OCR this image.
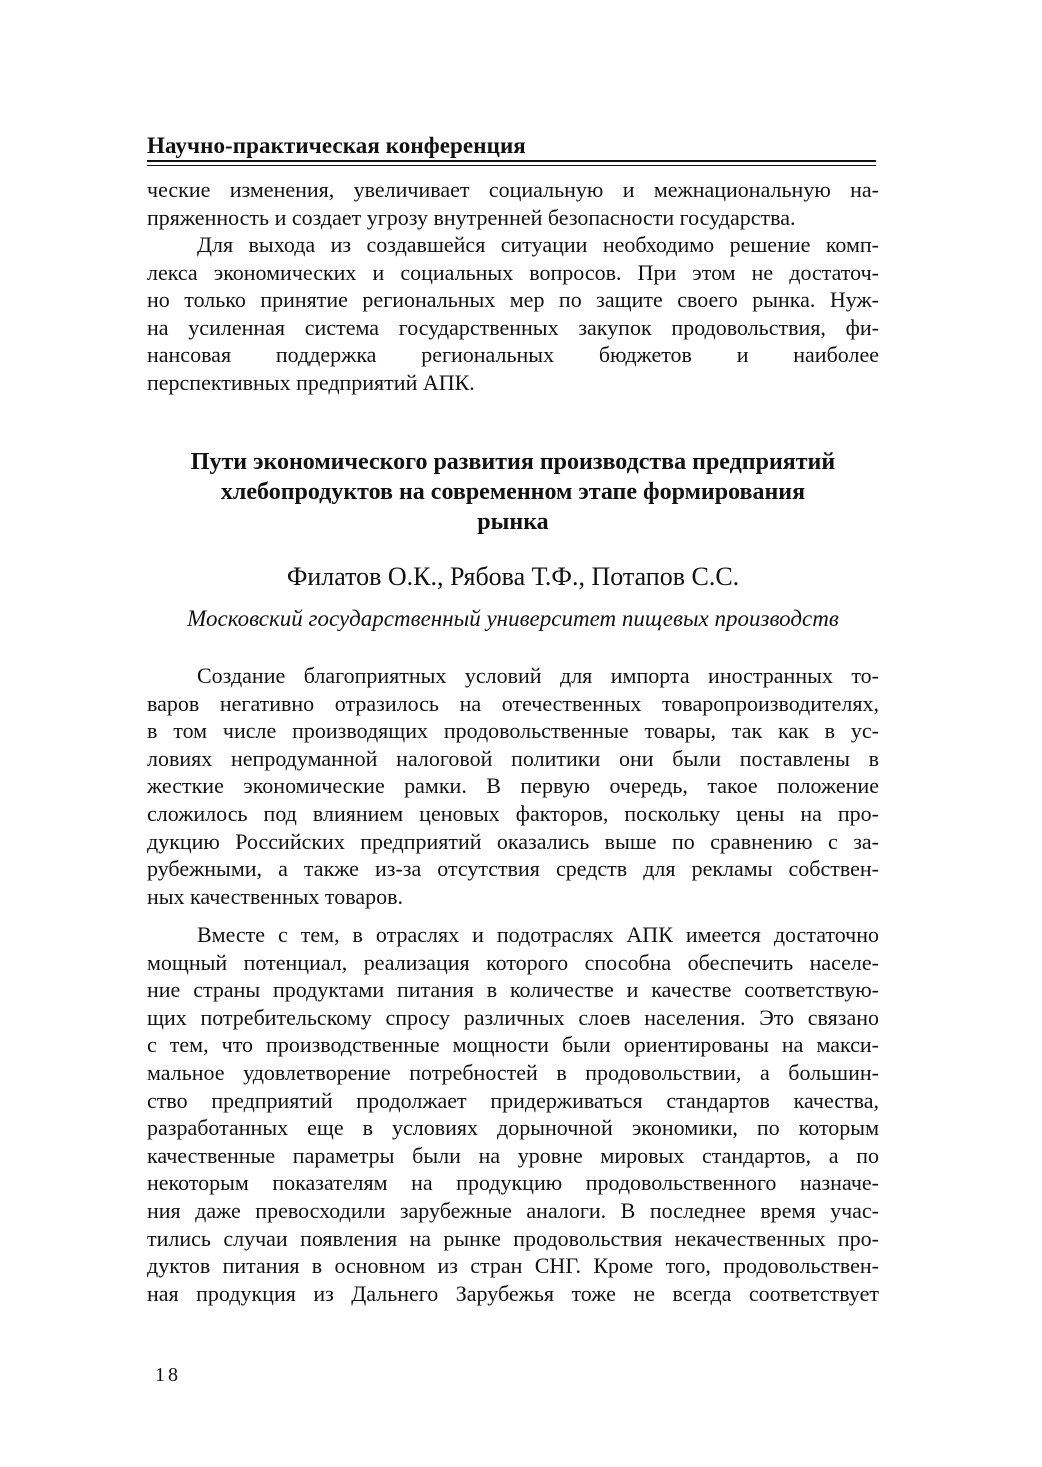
Научно-практическая конференция
ческие изменения, увеличивает социальную и межнациональную на-
пряженность и создает угрозу внутренней безопасности государства.
Для выхода из создавшейся ситуации необходимо решение комп-
лекса экономических и социальных вопросов. При этом не достаточ-
но только принятие региональных мер по защите своего рынка. Нуж-
на усиленная система государственных закупок продовольствия, фи-
нансовая поддержка региональных бюджетов и наиболее
перспективных предприятий АПК.
Пути экономического развития производства предприятий
хлебопродуктов на современном этапе формирования
рынка

Филатов О.К., Рябова Т.Ф., Потапов С.С.

Московский государственный университет пищевых производств

Создание благоприятных условий для импорта иностранных то-
варов негативно отразилось на отечественных товаропроизводителях,
в том числе производящих продовольственные товары, так как в ус-
ловиях непродуманной налоговой политики они были поставлены в
жесткие экономические рамки. В первую очередь, такое положение
сложилось под влиянием ценовых факторов, поскольку цены на про-
дукцию Российских предприятий оказались выше по сравнению с за-
рубежными, а также из-за отсутствия средств для рекламы собствен-
ных качественных товаров.
Вместе с тем, в отраслях и подотраслях АПК имеется достаточно
мощный потенциал, реализация которого способна обеспечить населе-
ние страны продуктами питания в количестве и качестве соответствую-
щих потребительскому спросу различных слоев населения. Это связано
с тем, что производственные мощности были ориентированы на макси-
мальное удовлетворение потребностей в продовольствии, а большин-
ство предприятий продолжает придерживаться стандартов качества,
разработанных еще в условиях дорыночной экономики, по которым
качественные параметры были на уровне мировых стандартов, а по
некоторым показателям на продукцию продовольственного назначе-
ния даже превосходили зарубежные аналоги. В последнее время учас-
тились случаи появления на рынке продовольствия некачественных про-
дуктов питания в основном из стран СНГ. Кроме того, продовольствен-
ная продукция из Дальнего Зарубежья тоже не всегда соответствует
18
